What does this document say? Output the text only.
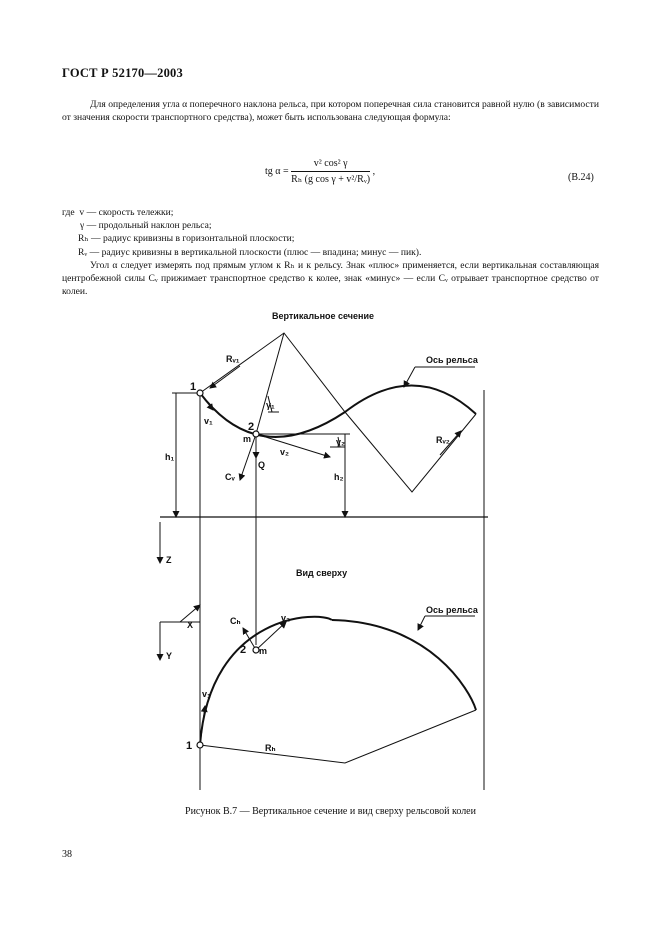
ГОСТ Р 52170—2003
Для определения угла α поперечного наклона рельса, при котором поперечная сила становится равной нулю (в зависимости от значения скорости транспортного средства), может быть использована следующая формула:
tg $\alpha = \frac{\text{v² cos² γ}}{\text{Rₕ (g cos γ + v²/Rᵥ)}}$ ,
(B.24)
где v — скорость тележки;
γ — продольный наклон рельса;
Rₕ — радиус кривизны в горизонтальной плоскости;
Rᵥ — радиус кривизны в вертикальной плоскости (плюс — впадина; минус — пик).
Угол α следует измерять под прямым углом к Rₕ и к рельсу. Знак «плюс» применяется, если вертикальная составляющая центробежной силы Cᵥ прижимает транспортное средство к колее, знак «минус» — если Cᵥ отрывает транспортное средство от колеи.
Вертикальное сечение
Вид сверху
Ось рельса
Ось рельса
1
2
m
v₁
v₂
Q
Cᵥ
h₁
h₂
Rᵥ₁
Rᵥ₂
γ₁
γ₂
Z
X
Y
Cₕ	v₂
2 m
v₁
1	Rₕ
Рисунок В.7 — Вертикальное сечение и вид сверху рельсовой колеи
38
